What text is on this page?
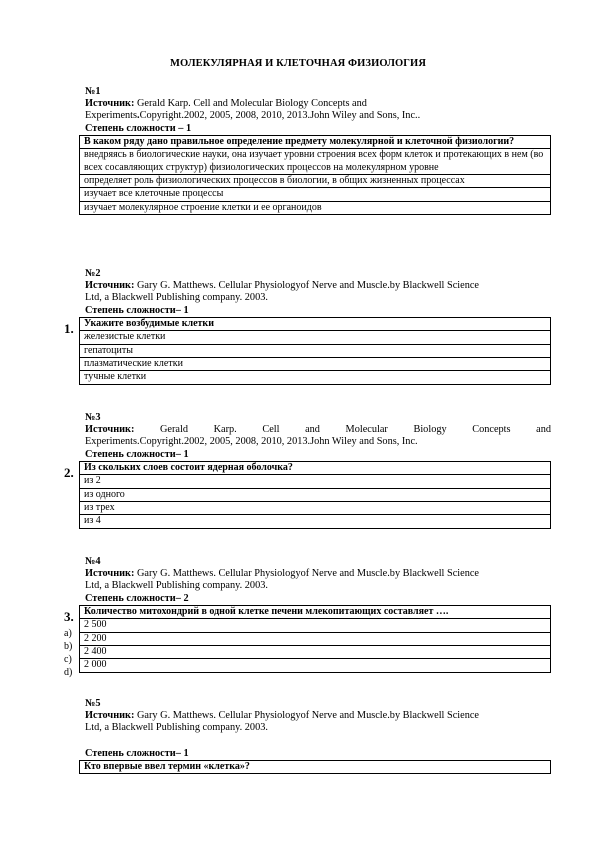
МОЛЕКУЛЯРНАЯ И КЛЕТОЧНАЯ ФИЗИОЛОГИЯ
№1
Источник: Gerald Karp. Cell and Molecular Biology Concepts and
Experiments.Copyright.2002, 2005, 2008, 2010, 2013.John Wiley and Sons, Inc..
Степень сложности – 1
В каком ряду дано правильное определение предмету молекулярной и клеточной физиологии?
внедряясь в биологические науки, она изучает уровни строения всех форм клеток и протекающих в нем (во всех сосавляющих структур) физиологических процессов на молекулярном уровне
определяет роль физиологических процессов в биологии, в общих жизненных процессах
изучает все клеточные процессы
изучает молекулярное строение клетки и ее органоидов
№2
Источник: Gary G. Matthews. Cellular Physiologyof Nerve and Muscle.by Blackwell Science
Ltd, a Blackwell Publishing company. 2003.
Степень сложности– 1
Укажите возбудимые клетки
железистые клетки
гепатоциты
плазматические клетки
тучные клетки
1.
№3
Источник: Gerald Karp. Cell and Molecular Biology Concepts and
Experiments.Copyright.2002, 2005, 2008, 2010, 2013.John Wiley and Sons, Inc.
Степень сложности– 1
Из скольких слоев состоит ядерная оболочка?
из 2
из одного
из трех
из 4
2.
№4
Источник: Gary G. Matthews. Cellular Physiologyof Nerve and Muscle.by Blackwell Science
Ltd, a Blackwell Publishing company. 2003.
Степень сложности– 2
Количество митохондрий в одной клетке печени млекопитающих составляет ….
2 500
2 200
2 400
2 000
3.
a)
b)
c)
d)
№5
Источник: Gary G. Matthews. Cellular Physiologyof Nerve and Muscle.by Blackwell Science
Ltd, a Blackwell Publishing company. 2003.
Степень сложности– 1
Кто впервые ввел термин «клетка»?
